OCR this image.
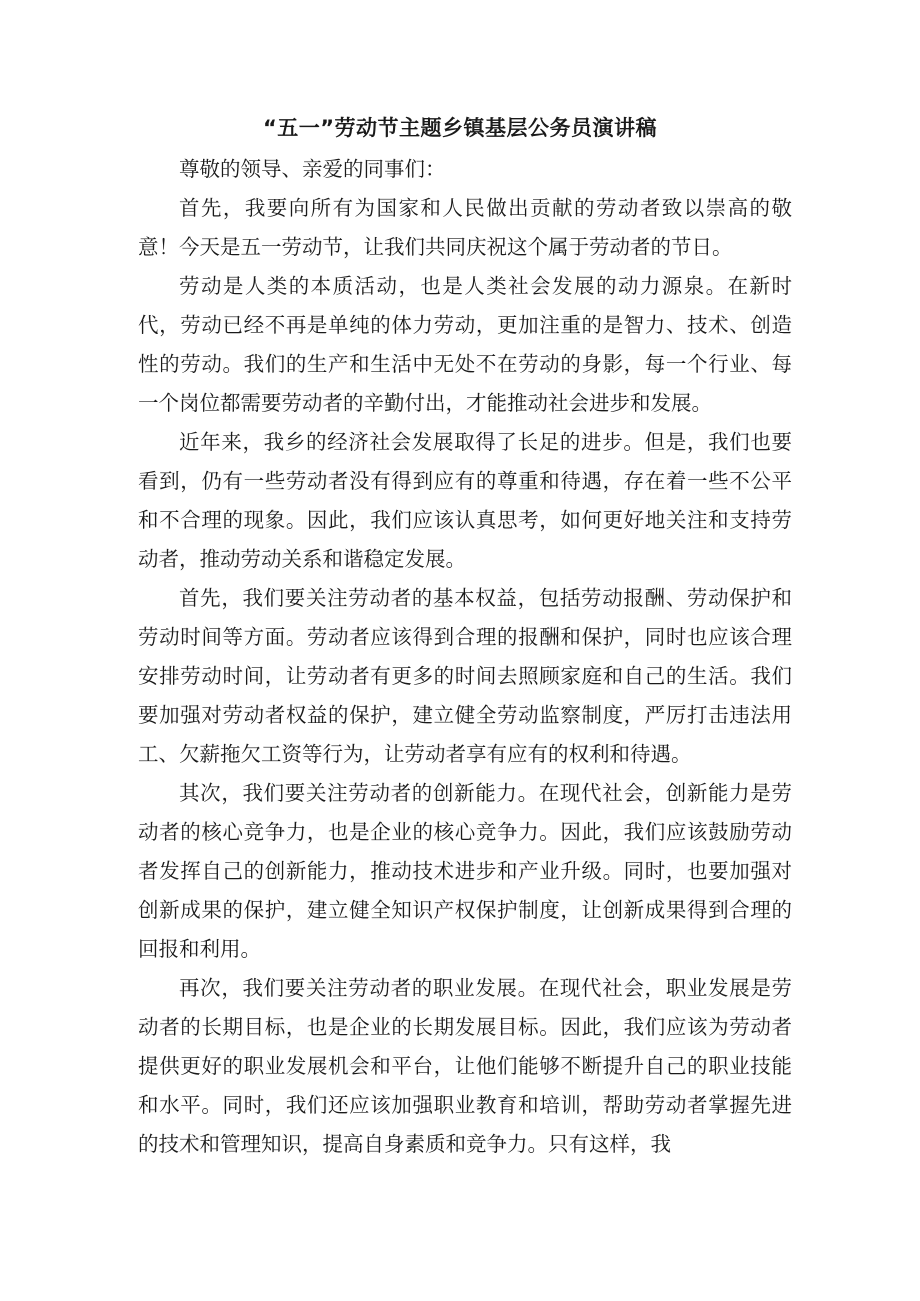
“五一”劳动节主题乡镇基层公务员演讲稿

尊敬的领导、亲爱的同事们：

首先，我要向所有为国家和人民做出贡献的劳动者致以崇高的敬意！今天是五一劳动节，让我们共同庆祝这个属于劳动者的节日。

劳动是人类的本质活动，也是人类社会发展的动力源泉。在新时代，劳动已经不再是单纯的体力劳动，更加注重的是智力、技术、创造性的劳动。我们的生产和生活中无处不在劳动的身影，每一个行业、每一个岗位都需要劳动者的辛勤付出，才能推动社会进步和发展。

近年来，我乡的经济社会发展取得了长足的进步。但是，我们也要看到，仍有一些劳动者没有得到应有的尊重和待遇，存在着一些不公平和不合理的现象。因此，我们应该认真思考，如何更好地关注和支持劳动者，推动劳动关系和谐稳定发展。

首先，我们要关注劳动者的基本权益，包括劳动报酬、劳动保护和劳动时间等方面。劳动者应该得到合理的报酬和保护，同时也应该合理安排劳动时间，让劳动者有更多的时间去照顾家庭和自己的生活。我们要加强对劳动者权益的保护，建立健全劳动监察制度，严厉打击违法用工、欠薪拖欠工资等行为，让劳动者享有应有的权利和待遇。

其次，我们要关注劳动者的创新能力。在现代社会，创新能力是劳动者的核心竞争力，也是企业的核心竞争力。因此，我们应该鼓励劳动者发挥自己的创新能力，推动技术进步和产业升级。同时，也要加强对创新成果的保护，建立健全知识产权保护制度，让创新成果得到合理的回报和利用。

再次，我们要关注劳动者的职业发展。在现代社会，职业发展是劳动者的长期目标，也是企业的长期发展目标。因此，我们应该为劳动者提供更好的职业发展机会和平台，让他们能够不断提升自己的职业技能和水平。同时，我们还应该加强职业教育和培训，帮助劳动者掌握先进的技术和管理知识，提高自身素质和竞争力。只有这样，我
